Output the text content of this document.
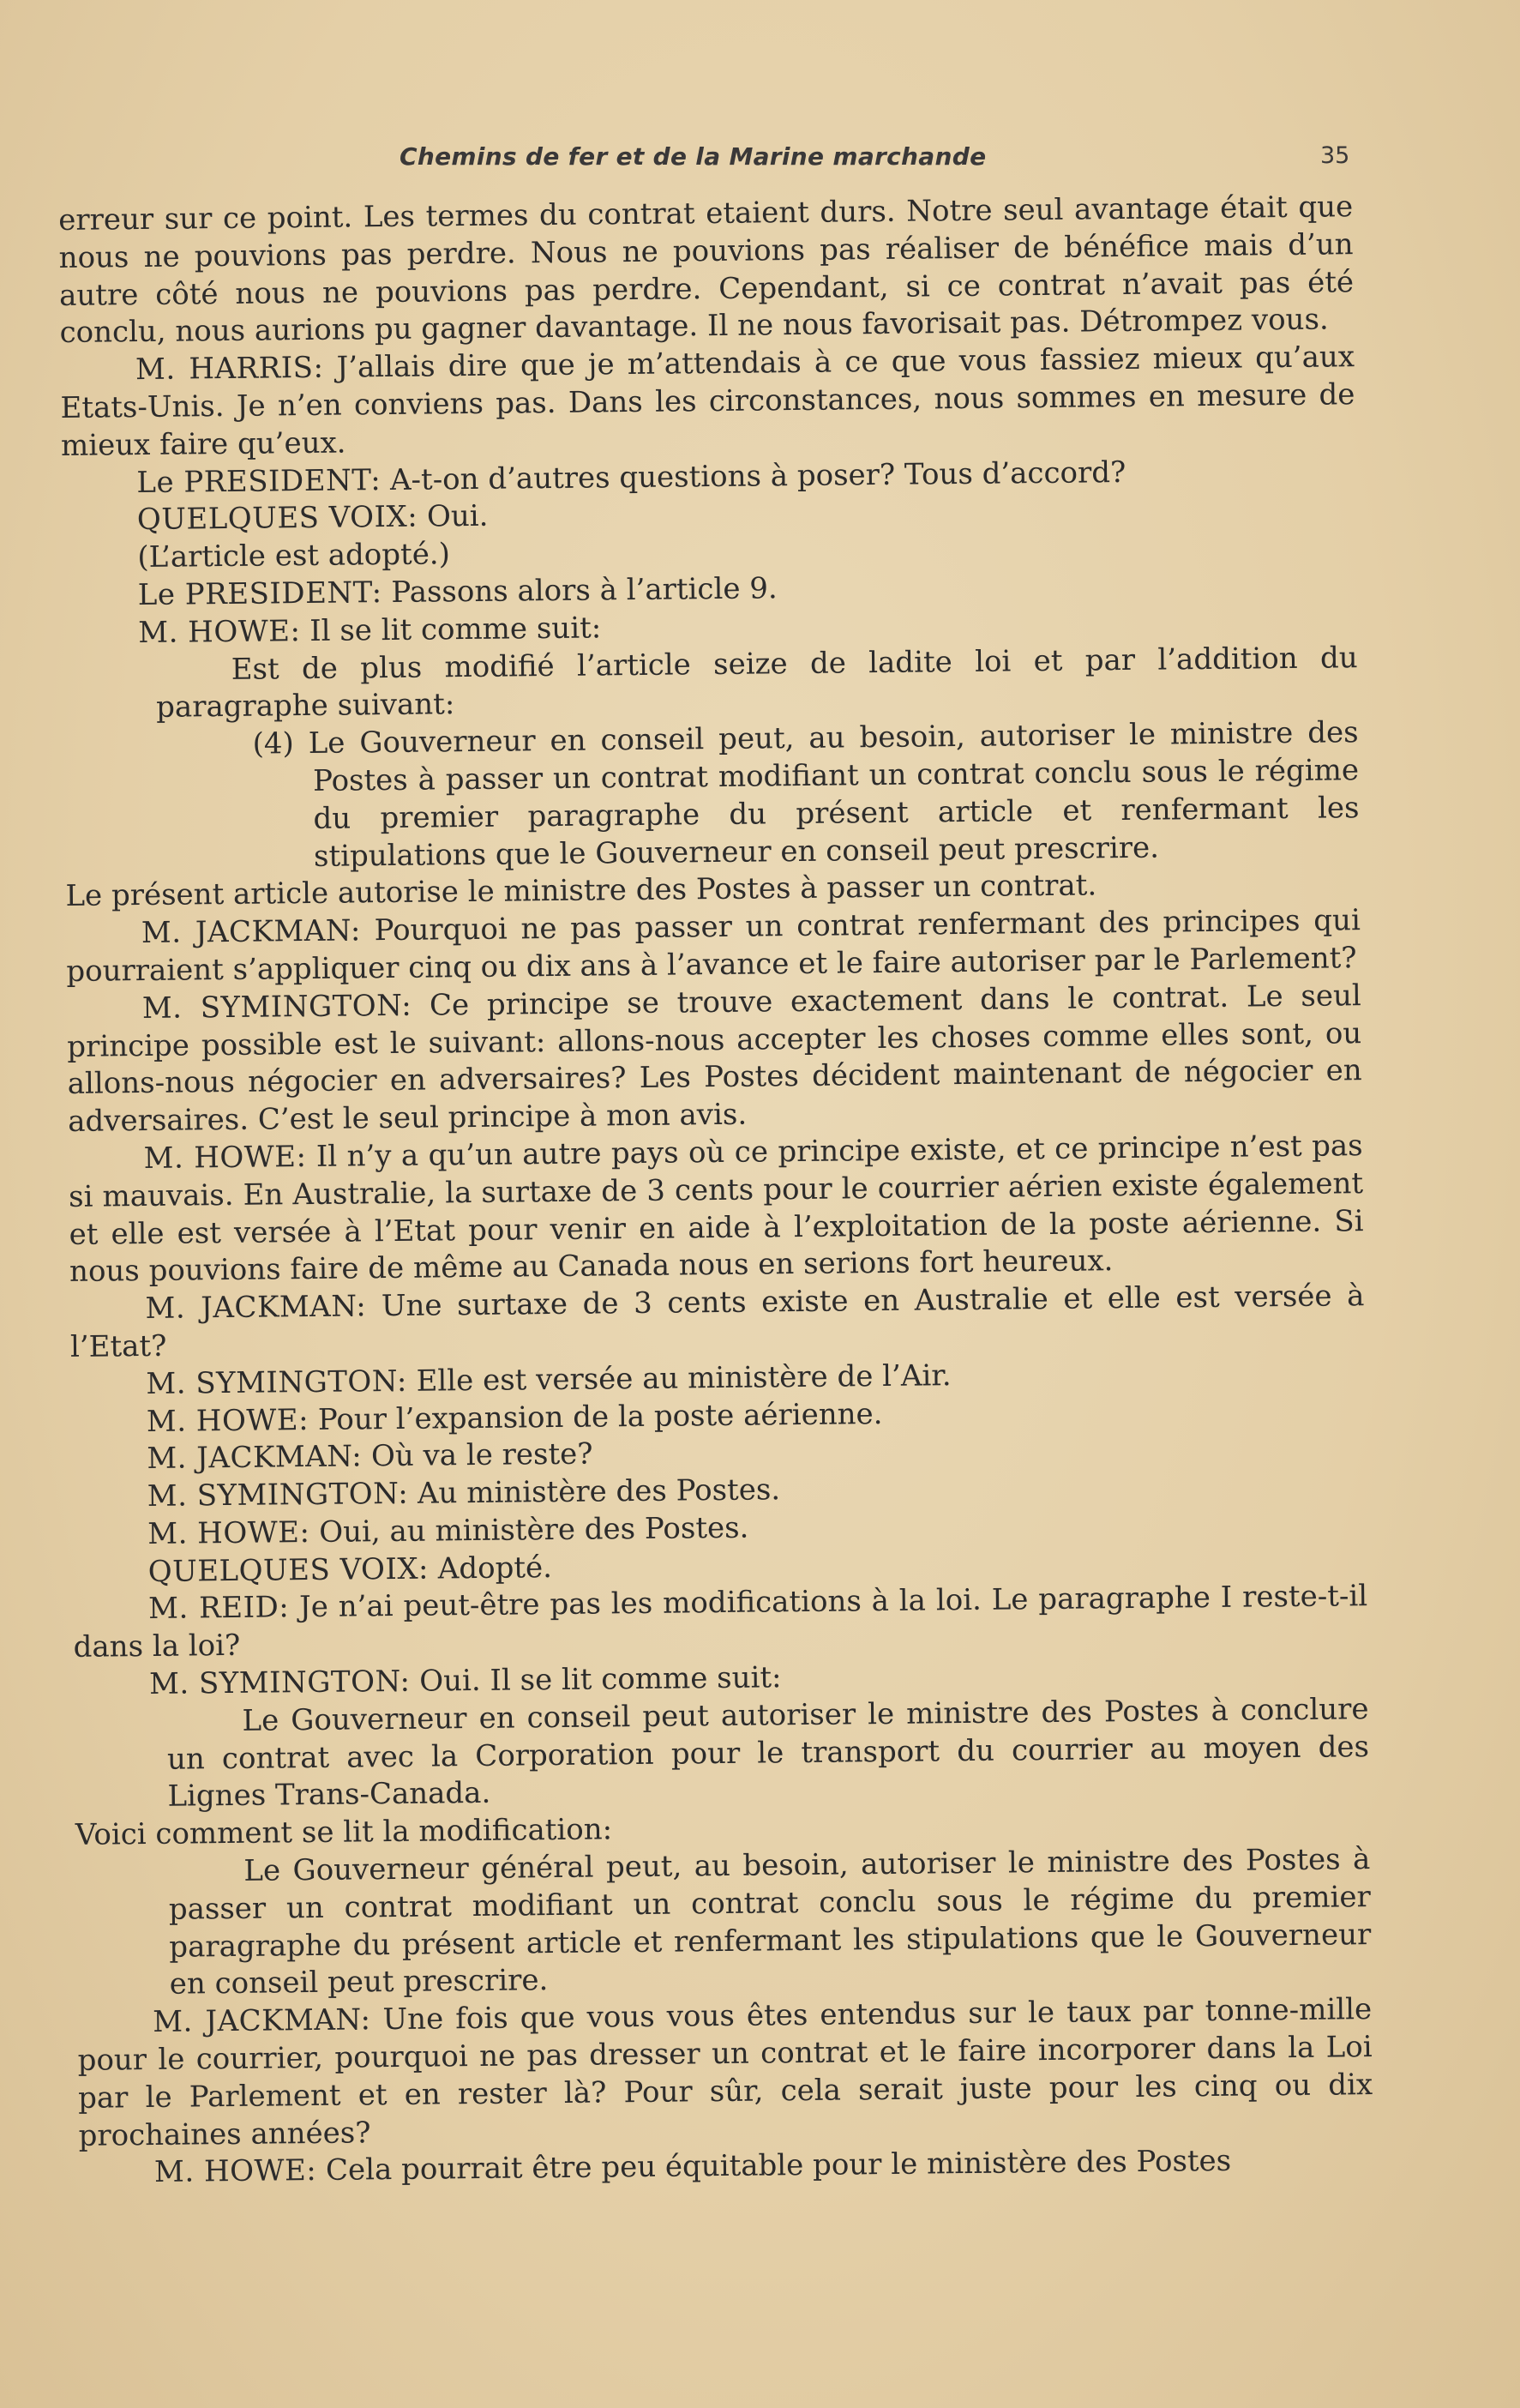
Chemins de fer et de la Marine marchande	35

erreur sur ce point. Les termes du contrat etaient durs. Notre seul avantage était que nous ne pouvions pas perdre. Nous ne pouvions pas réaliser de bénéfice mais d’un autre côté nous ne pouvions pas perdre. Cependant, si ce contrat n’avait pas été conclu, nous aurions pu gagner davantage. Il ne nous favorisait pas. Détrompez vous.

M. HARRIS: J’allais dire que je m’attendais à ce que vous fassiez mieux qu’aux Etats-Unis. Je n’en conviens pas. Dans les circonstances, nous sommes en mesure de mieux faire qu’eux.

Le PRESIDENT: A-t-on d’autres questions à poser? Tous d’accord?

QUELQUES VOIX: Oui.

(L’article est adopté.)

Le PRESIDENT: Passons alors à l’article 9.

M. HOWE: Il se lit comme suit:

Est de plus modifié l’article seize de ladite loi et par l’addition du paragraphe suivant:

(4) Le Gouverneur en conseil peut, au besoin, autoriser le ministre des Postes à passer un contrat modifiant un contrat conclu sous le régime du premier paragraphe du présent article et renfermant les stipulations que le Gouverneur en conseil peut prescrire.

Le présent article autorise le ministre des Postes à passer un contrat.

M. JACKMAN: Pourquoi ne pas passer un contrat renfermant des principes qui pourraient s’appliquer cinq ou dix ans à l’avance et le faire autoriser par le Parlement?

M. SYMINGTON: Ce principe se trouve exactement dans le contrat. Le seul principe possible est le suivant: allons-nous accepter les choses comme elles sont, ou allons-nous négocier en adversaires? Les Postes décident maintenant de négocier en adversaires. C’est le seul principe à mon avis.

M. HOWE: Il n’y a qu’un autre pays où ce principe existe, et ce principe n’est pas si mauvais. En Australie, la surtaxe de 3 cents pour le courrier aérien existe également et elle est versée à l’Etat pour venir en aide à l’exploitation de la poste aérienne. Si nous pouvions faire de même au Canada nous en serions fort heureux.

M. JACKMAN: Une surtaxe de 3 cents existe en Australie et elle est versée à l’Etat?

M. SYMINGTON: Elle est versée au ministère de l’Air.

M. HOWE: Pour l’expansion de la poste aérienne.

M. JACKMAN: Où va le reste?

M. SYMINGTON: Au ministère des Postes.

M. HOWE: Oui, au ministère des Postes.

QUELQUES VOIX: Adopté.

M. REID: Je n’ai peut-être pas les modifications à la loi. Le paragraphe I reste-t-il dans la loi?

M. SYMINGTON: Oui. Il se lit comme suit:

Le Gouverneur en conseil peut autoriser le ministre des Postes à conclure un contrat avec la Corporation pour le transport du courrier au moyen des Lignes Trans-Canada.

Voici comment se lit la modification:

Le Gouverneur général peut, au besoin, autoriser le ministre des Postes à passer un contrat modifiant un contrat conclu sous le régime du premier paragraphe du présent article et renfermant les stipulations que le Gouverneur en conseil peut prescrire.

M. JACKMAN: Une fois que vous vous êtes entendus sur le taux par tonne-mille pour le courrier, pourquoi ne pas dresser un contrat et le faire incorporer dans la Loi par le Parlement et en rester là? Pour sûr, cela serait juste pour les cinq ou dix prochaines années?

M. HOWE: Cela pourrait être peu équitable pour le ministère des Postes
